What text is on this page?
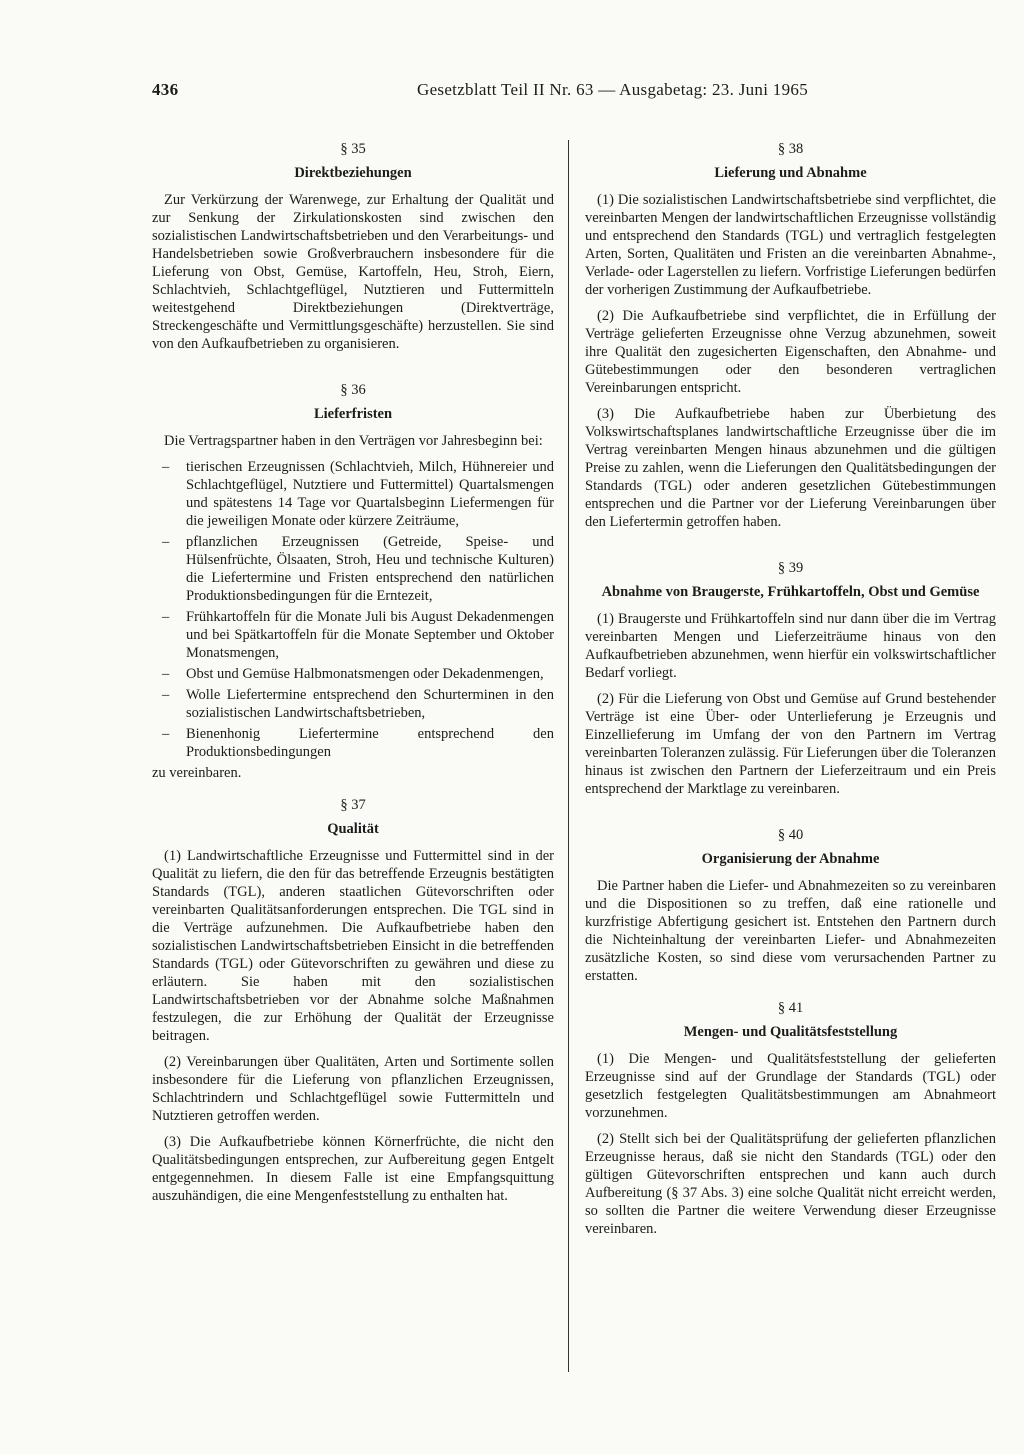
436	Gesetzblatt Teil II Nr. 63 — Ausgabetag: 23. Juni 1965
§ 35
Direktbeziehungen

Zur Verkürzung der Warenwege, zur Erhaltung der Qualität und zur Senkung der Zirkulationskosten sind zwischen den sozialistischen Landwirtschaftsbetrieben und den Verarbeitungs- und Handelsbetrieben sowie Großverbrauchern insbesondere für die Lieferung von Obst, Gemüse, Kartoffeln, Heu, Stroh, Eiern, Schlachtvieh, Schlachtgeflügel, Nutztieren und Futtermitteln weitestgehend Direktbeziehungen (Direktverträge, Streckengeschäfte und Vermittlungsgeschäfte) herzustellen. Sie sind von den Aufkaufbetrieben zu organisieren.

§ 36
Lieferfristen

Die Vertragspartner haben in den Verträgen vor Jahresbeginn bei:

– tierischen Erzeugnissen (Schlachtvieh, Milch, Hühnereier und Schlachtgeflügel, Nutztiere und Futtermittel) Quartalsmengen und spätestens 14 Tage vor Quartalsbeginn Liefermengen für die jeweiligen Monate oder kürzere Zeiträume,
– pflanzlichen Erzeugnissen (Getreide, Speise- und Hülsenfrüchte, Ölsaaten, Stroh, Heu und technische Kulturen) die Liefertermine und Fristen entsprechend den natürlichen Produktionsbedingungen für die Erntezeit,
– Frühkartoffeln für die Monate Juli bis August Dekadenmengen und bei Spätkartoffeln für die Monate September und Oktober Monatsmengen,
– Obst und Gemüse Halbmonatsmengen oder Dekadenmengen,
– Wolle Liefertermine entsprechend den Schurterminen in den sozialistischen Landwirtschaftsbetrieben,
– Bienenhonig Liefertermine entsprechend den Produktionsbedingungen
zu vereinbaren.
§ 37
Qualität

(1) Landwirtschaftliche Erzeugnisse und Futtermittel sind in der Qualität zu liefern, die den für das betreffende Erzeugnis bestätigten Standards (TGL), anderen staatlichen Gütevorschriften oder vereinbarten Qualitätsanforderungen entsprechen. Die TGL sind in die Verträge aufzunehmen. Die Aufkaufbetriebe haben den sozialistischen Landwirtschaftsbetrieben Einsicht in die betreffenden Standards (TGL) oder Gütevorschriften zu gewähren und diese zu erläutern. Sie haben mit den sozialistischen Landwirtschaftsbetrieben vor der Abnahme solche Maßnahmen festzulegen, die zur Erhöhung der Qualität der Erzeugnisse beitragen.

(2) Vereinbarungen über Qualitäten, Arten und Sortimente sollen insbesondere für die Lieferung von pflanzlichen Erzeugnissen, Schlachtrindern und Schlachtgeflügel sowie Futtermitteln und Nutztieren getroffen werden.

(3) Die Aufkaufbetriebe können Körnerfrüchte, die nicht den Qualitätsbedingungen entsprechen, zur Aufbereitung gegen Entgelt entgegennehmen. In diesem Falle ist eine Empfangsquittung auszuhändigen, die eine Mengenfeststellung zu enthalten hat.

§ 38
Lieferung und Abnahme

(1) Die sozialistischen Landwirtschaftsbetriebe sind verpflichtet, die vereinbarten Mengen der landwirtschaftlichen Erzeugnisse vollständig und entsprechend den Standards (TGL) und vertraglich festgelegten Arten, Sorten, Qualitäten und Fristen an die vereinbarten Abnahme-, Verlade- oder Lagerstellen zu liefern. Vorfristige Lieferungen bedürfen der vorherigen Zustimmung der Aufkaufbetriebe.

(2) Die Aufkaufbetriebe sind verpflichtet, die in Erfüllung der Verträge gelieferten Erzeugnisse ohne Verzug abzunehmen, soweit ihre Qualität den zugesicherten Eigenschaften, den Abnahme- und Gütebestimmungen oder den besonderen vertraglichen Vereinbarungen entspricht.

(3) Die Aufkaufbetriebe haben zur Überbietung des Volkswirtschaftsplanes landwirtschaftliche Erzeugnisse über die im Vertrag vereinbarten Mengen hinaus abzunehmen und die gültigen Preise zu zahlen, wenn die Lieferungen den Qualitätsbedingungen der Standards (TGL) oder anderen gesetzlichen Gütebestimmungen entsprechen und die Partner vor der Lieferung Vereinbarungen über den Liefertermin getroffen haben.

§ 39
Abnahme von Braugerste, Frühkartoffeln, Obst und Gemüse

(1) Braugerste und Frühkartoffeln sind nur dann über die im Vertrag vereinbarten Mengen und Lieferzeiträume hinaus von den Aufkaufbetrieben abzunehmen, wenn hierfür ein volkswirtschaftlicher Bedarf vorliegt.

(2) Für die Lieferung von Obst und Gemüse auf Grund bestehender Verträge ist eine Über- oder Unterlieferung je Erzeugnis und Einzellieferung im Umfang der von den Partnern im Vertrag vereinbarten Toleranzen zulässig. Für Lieferungen über die Toleranzen hinaus ist zwischen den Partnern der Lieferzeitraum und ein Preis entsprechend der Marktlage zu vereinbaren.

§ 40
Organisierung der Abnahme

Die Partner haben die Liefer- und Abnahmezeiten so zu vereinbaren und die Dispositionen so zu treffen, daß eine rationelle und kurzfristige Abfertigung gesichert ist. Entstehen den Partnern durch die Nichteinhaltung der vereinbarten Liefer- und Abnahmezeiten zusätzliche Kosten, so sind diese vom verursachenden Partner zu erstatten.

§ 41
Mengen- und Qualitätsfeststellung

(1) Die Mengen- und Qualitätsfeststellung der gelieferten Erzeugnisse sind auf der Grundlage der Standards (TGL) oder gesetzlich festgelegten Qualitätsbestimmungen am Abnahmeort vorzunehmen.

(2) Stellt sich bei der Qualitätsprüfung der gelieferten pflanzlichen Erzeugnisse heraus, daß sie nicht den Standards (TGL) oder den gültigen Gütevorschriften entsprechen und kann auch durch Aufbereitung (§ 37 Abs. 3) eine solche Qualität nicht erreicht werden, so sollten die Partner die weitere Verwendung dieser Erzeugnisse vereinbaren.
